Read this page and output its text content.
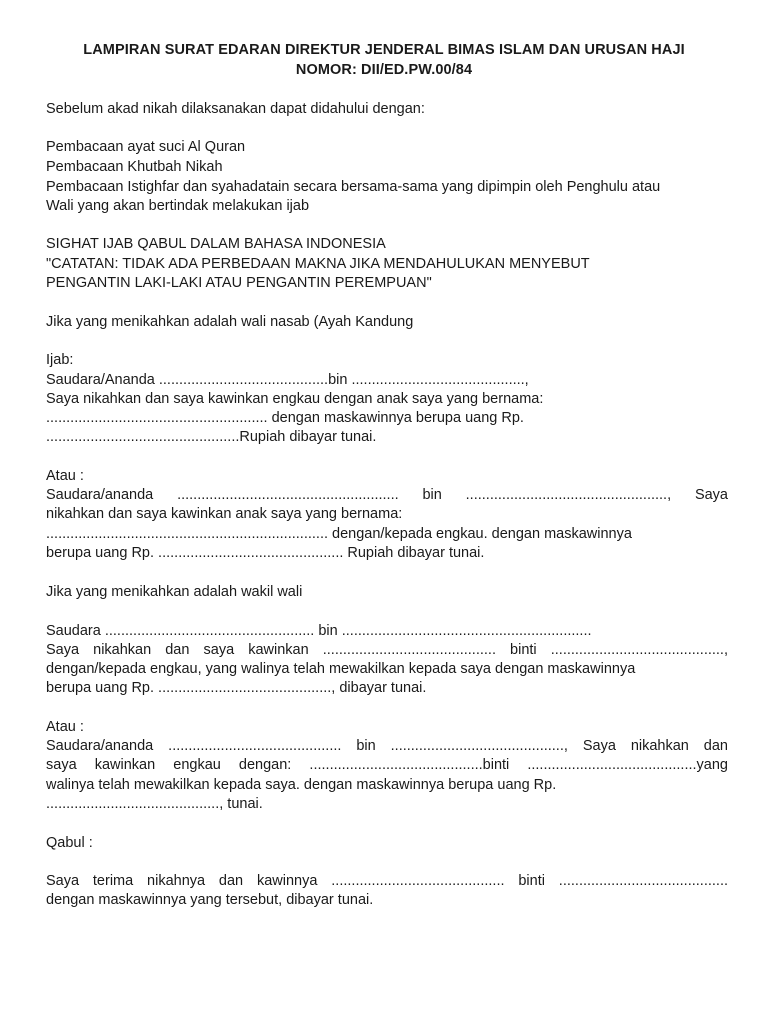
LAMPIRAN SURAT EDARAN DIREKTUR JENDERAL BIMAS ISLAM DAN URUSAN HAJI
NOMOR: DII/ED.PW.00/84
Sebelum akad nikah dilaksanakan dapat didahului dengan:
Pembacaan ayat suci Al Quran
Pembacaan Khutbah Nikah
Pembacaan Istighfar dan syahadatain secara bersama-sama yang dipimpin oleh Penghulu atau
Wali yang akan bertindak melakukan ijab
SIGHAT IJAB QABUL DALAM BAHASA INDONESIA
"CATATAN: TIDAK ADA PERBEDAAN MAKNA JIKA MENDAHULUKAN MENYEBUT
PENGANTIN LAKI-LAKI ATAU PENGANTIN PEREMPUAN"
Jika yang menikahkan adalah wali nasab (Ayah Kandung
Ijab:
Saudara/Ananda ..........................................bin ...........................................,
Saya nikahkan dan saya kawinkan engkau dengan anak saya yang bernama:
....................................................... dengan maskawinnya berupa uang Rp.
................................................Rupiah dibayar tunai.
Atau :
Saudara/ananda ....................................................... bin .................................................., Saya
nikahkan dan saya kawinkan anak saya yang bernama:
...................................................................... dengan/kepada engkau. dengan maskawinnya
berupa uang Rp. .............................................. Rupiah dibayar tunai.
Jika yang menikahkan adalah wakil wali
Saudara .................................................... bin ..............................................................
Saya nikahkan dan saya kawinkan ........................................... binti ...........................................,
dengan/kepada engkau, yang walinya telah mewakilkan kepada saya dengan maskawinnya
berupa uang Rp. ..........................................., dibayar tunai.
Atau :
Saudara/ananda ........................................... bin ..........................................., Saya nikahkan dan
saya kawinkan engkau dengan: ...........................................binti ..........................................yang
walinya telah mewakilkan kepada saya. dengan maskawinnya berupa uang Rp.
..........................................., tunai.
Qabul :
Saya terima nikahnya dan kawinnya ........................................... binti ..........................................
dengan maskawinnya yang tersebut, dibayar tunai.
